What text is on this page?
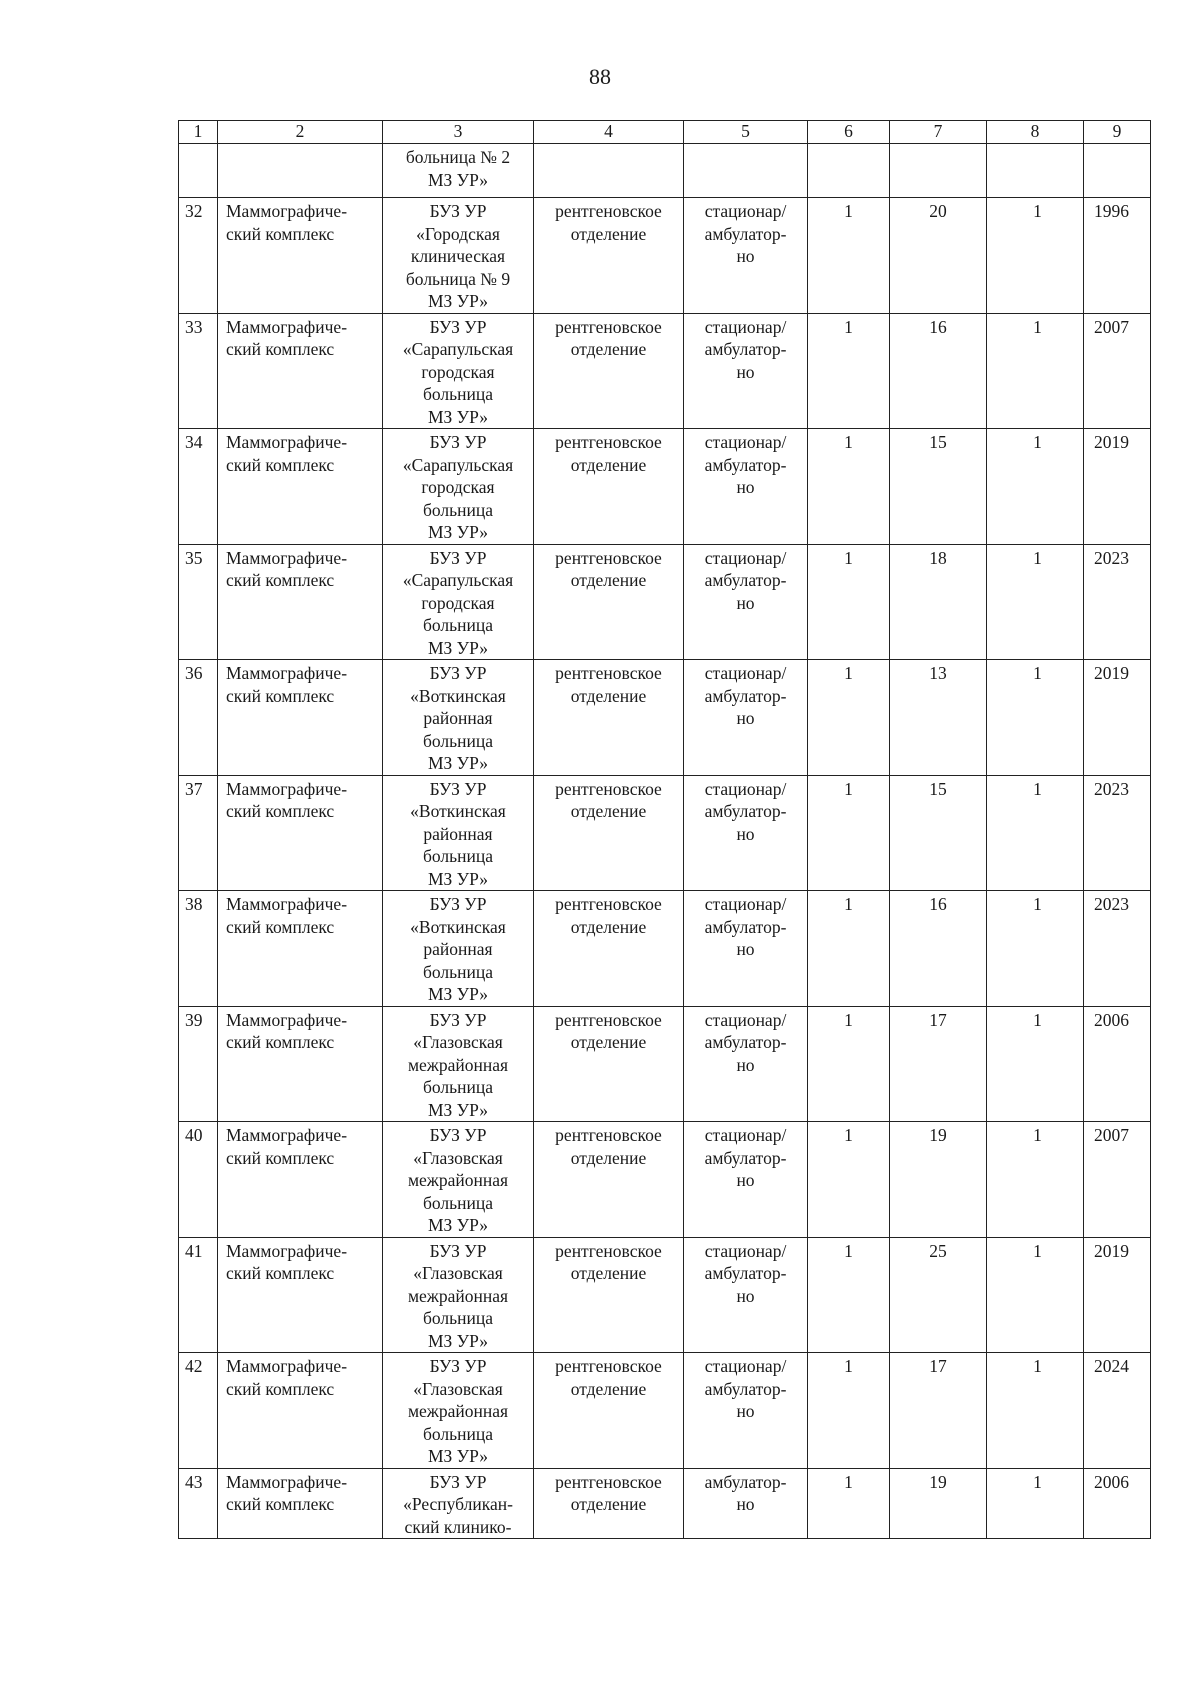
88
1	2	3	4	5	6	7	8	9

		больница № 2
МЗ УР»						

32	Маммографиче-
ский комплекс	БУЗ УР
«Городская
клиническая
больница № 9
МЗ УР»	рентгеновское
отделение	стационар/
амбулатор-
но	1	20	1	1996
33	Маммографиче-
ский комплекс	БУЗ УР
«Сарапульская
городская
больница
МЗ УР»	рентгеновское
отделение	стационар/
амбулатор-
но	1	16	1	2007
34	Маммографиче-
ский комплекс	БУЗ УР
«Сарапульская
городская
больница
МЗ УР»	рентгеновское
отделение	стационар/
амбулатор-
но	1	15	1	2019
35	Маммографиче-
ский комплекс	БУЗ УР
«Сарапульская
городская
больница
МЗ УР»	рентгеновское
отделение	стационар/
амбулатор-
но	1	18	1	2023
36	Маммографиче-
ский комплекс	БУЗ УР
«Воткинская
районная
больница
МЗ УР»	рентгеновское
отделение	стационар/
амбулатор-
но	1	13	1	2019
37	Маммографиче-
ский комплекс	БУЗ УР
«Воткинская
районная
больница
МЗ УР»	рентгеновское
отделение	стационар/
амбулатор-
но	1	15	1	2023
38	Маммографиче-
ский комплекс	БУЗ УР
«Воткинская
районная
больница
МЗ УР»	рентгеновское
отделение	стационар/
амбулатор-
но	1	16	1	2023
39	Маммографиче-
ский комплекс	БУЗ УР
«Глазовская
межрайонная
больница
МЗ УР»	рентгеновское
отделение	стационар/
амбулатор-
но	1	17	1	2006
40	Маммографиче-
ский комплекс	БУЗ УР
«Глазовская
межрайонная
больница
МЗ УР»	рентгеновское
отделение	стационар/
амбулатор-
но	1	19	1	2007
41	Маммографиче-
ский комплекс	БУЗ УР
«Глазовская
межрайонная
больница
МЗ УР»	рентгеновское
отделение	стационар/
амбулатор-
но	1	25	1	2019
42	Маммографиче-
ский комплекс	БУЗ УР
«Глазовская
межрайонная
больница
МЗ УР»	рентгеновское
отделение	стационар/
амбулатор-
но	1	17	1	2024
43	Маммографиче-
ский комплекс	БУЗ УР
«Республикан-
ский клинико-	рентгеновское
отделение	амбулатор-
но	1	19	1	2006
